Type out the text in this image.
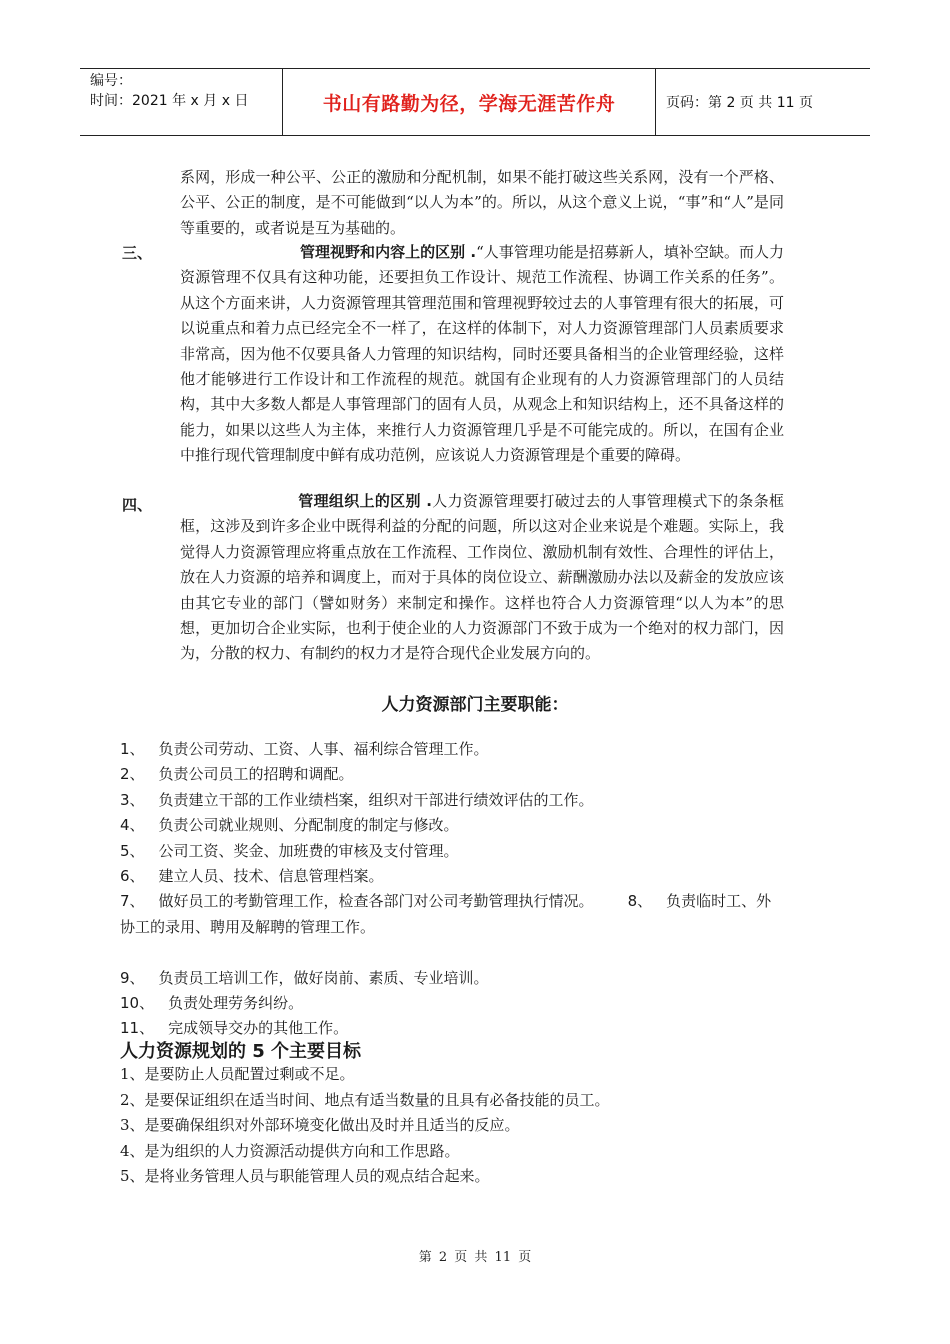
编号：
时间：2021 年 x 月 x 日	书山有路勤为径，学海无涯苦作舟	页码：第 2 页 共 11 页
系网，形成一种公平、公正的激励和分配机制，如果不能打破这些关系网，没有一个严格、公平、公正的制度，是不可能做到“以人为本”的。所以，从这个意义上说，“事”和“人”是同等重要的，或者说是互为基础的。
三、	管理视野和内容上的区别 .“人事管理功能是招募新人，填补空缺。而人力资源管理不仅具有这种功能，还要担负工作设计、规范工作流程、协调工作关系的任务”。从这个方面来讲，人力资源管理其管理范围和管理视野较过去的人事管理有很大的拓展，可以说重点和着力点已经完全不一样了，在这样的体制下，对人力资源管理部门人员素质要求非常高，因为他不仅要具备人力管理的知识结构，同时还要具备相当的企业管理经验，这样他才能够进行工作设计和工作流程的规范。就国有企业现有的人力资源管理部门的人员结构，其中大多数人都是人事管理部门的固有人员，从观念上和知识结构上，还不具备这样的能力，如果以这些人为主体，来推行人力资源管理几乎是不可能完成的。所以，在国有企业中推行现代管理制度中鲜有成功范例，应该说人力资源管理是个重要的障碍。
四、	管理组织上的区别 .人力资源管理要打破过去的人事管理模式下的条条框框，这涉及到许多企业中既得利益的分配的问题，所以这对企业来说是个难题。实际上，我觉得人力资源管理应将重点放在工作流程、工作岗位、激励机制有效性、合理性的评估上，放在人力资源的培养和调度上，而对于具体的岗位设立、薪酬激励办法以及薪金的发放应该由其它专业的部门（譬如财务）来制定和操作。这样也符合人力资源管理“以人为本”的思想，更加切合企业实际，也利于使企业的人力资源部门不致于成为一个绝对的权力部门，因为，分散的权力、有制约的权力才是符合现代企业发展方向的。
人力资源部门主要职能：
1、 负责公司劳动、工资、人事、福利综合管理工作。
2、 负责公司员工的招聘和调配。
3、 负责建立干部的工作业绩档案，组织对干部进行绩效评估的工作。
4、 负责公司就业规则、分配制度的制定与修改。
5、 公司工资、奖金、加班费的审核及支付管理。
6、 建立人员、技术、信息管理档案。
7、 做好员工的考勤管理工作，检查各部门对公司考勤管理执行情况。 8、 负责临时工、外协工的录用、聘用及解聘的管理工作。
9、 负责员工培训工作，做好岗前、素质、专业培训。
10、 负责处理劳务纠纷。
11、 完成领导交办的其他工作。
人力资源规划的 5 个主要目标
1、是要防止人员配置过剩或不足。
2、是要保证组织在适当时间、地点有适当数量的且具有必备技能的员工。
3、是要确保组织对外部环境变化做出及时并且适当的反应。
4、是为组织的人力资源活动提供方向和工作思路。
5、是将业务管理人员与职能管理人员的观点结合起来。
第 2 页 共 11 页
